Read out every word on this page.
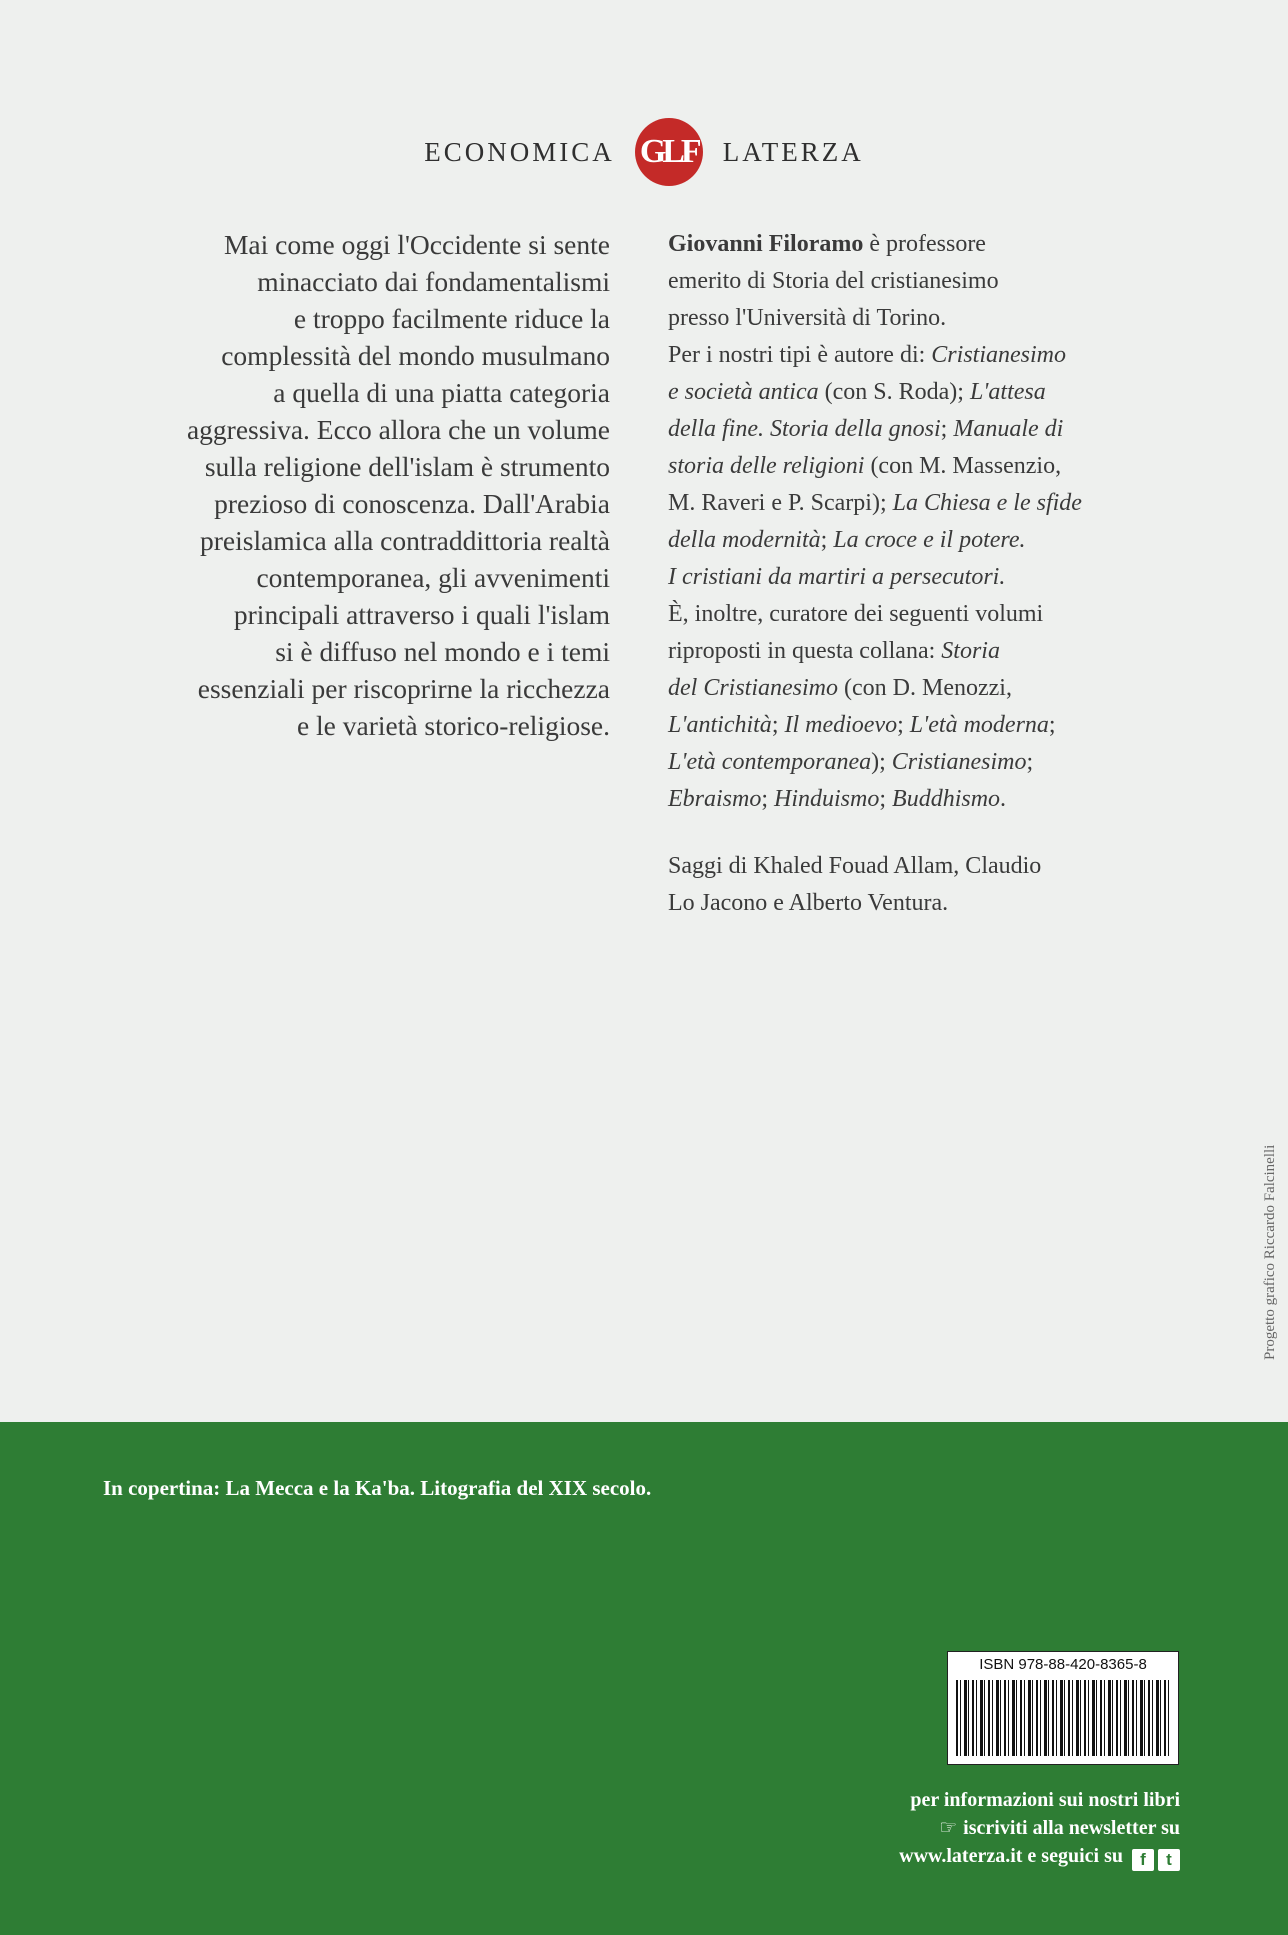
ECONOMICA GLF LATERZA
Mai come oggi l'Occidente si sente
minacciato dai fondamentalismi
e troppo facilmente riduce la
complessità del mondo musulmano
a quella di una piatta categoria
aggressiva. Ecco allora che un volume
sulla religione dell'islam è strumento
prezioso di conoscenza. Dall'Arabia
preislamica alla contraddittoria realtà
contemporanea, gli avvenimenti
principali attraverso i quali l'islam
si è diffuso nel mondo e i temi
essenziali per riscoprirne la ricchezza
e le varietà storico-religiose.
Giovanni Filoramo è professore
emerito di Storia del cristianesimo
presso l'Università di Torino.
Per i nostri tipi è autore di: Cristianesimo
e società antica (con S. Roda); L'attesa
della fine. Storia della gnosi; Manuale di
storia delle religioni (con M. Massenzio,
M. Raveri e P. Scarpi); La Chiesa e le sfide
della modernità; La croce e il potere.
I cristiani da martiri a persecutori.
È, inoltre, curatore dei seguenti volumi
riproposti in questa collana: Storia
del Cristianesimo (con D. Menozzi,
L'antichità; Il medioevo; L'età moderna;
L'età contemporanea); Cristianesimo;
Ebraismo; Hinduismo; Buddhismo.
Saggi di Khaled Fouad Allam, Claudio
Lo Jacono e Alberto Ventura.
Progetto grafico Riccardo Falcinelli
In copertina: La Mecca e la Ka'ba. Litografia del XIX secolo.
ISBN 978-88-420-8365-8
per informazioni sui nostri libri
☞ iscriviti alla newsletter su
www.laterza.it e seguici su f t
